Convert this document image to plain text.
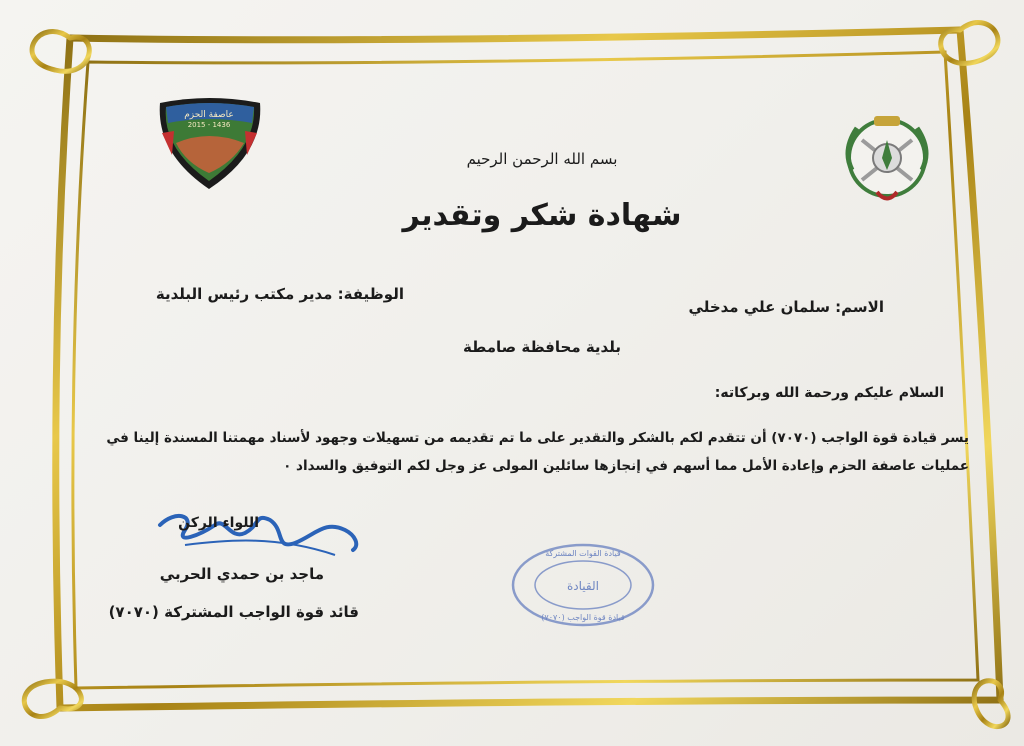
عاصفة الحزم
2015 - 1436
بسم الله الرحمن الرحيم
شهادة شكر وتقدير
الاسم: سلمان علي مدخلي
الوظيفة: مدير مكتب رئيس البلدية
بلدية محافظة صامطة
السلام عليكم ورحمة الله وبركاته:
يسر قيادة قوة الواجب (٧٠٧٠) أن تتقدم لكم بالشكر والتقدير على ما تم تقديمه من تسهيلات وجهود لأسناد مهمتنا المسندة إلينا في
عمليات عاصفة الحزم وإعادة الأمل مما أسهم في إنجازها سائلين المولى عز وجل لكم التوفيق والسداد ٠
قيادة القوات المشتركة
القيادة
قيادة قوة الواجب (٧٠٧٠)
اللواء الركن
ماجد بن حمدي الحربي
قائد قوة الواجب المشتركة (٧٠٧٠)
